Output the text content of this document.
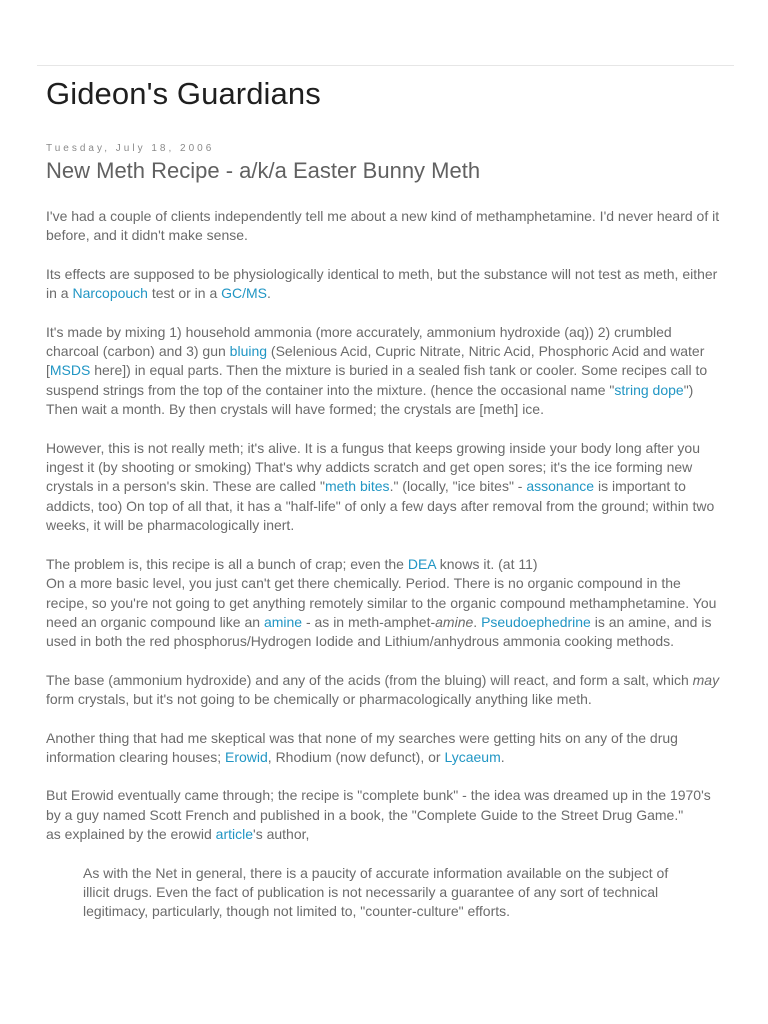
Gideon's Guardians
Tuesday, July 18, 2006
New Meth Recipe - a/k/a Easter Bunny Meth

I've had a couple of clients independently tell me about a new kind of methamphetamine. I'd never heard of it before, and it didn't make sense.

Its effects are supposed to be physiologically identical to meth, but the substance will not test as meth, either in a Narcopouch test or in a GC/MS.

It's made by mixing 1) household ammonia (more accurately, ammonium hydroxide (aq)) 2) crumbled charcoal (carbon) and 3) gun bluing (Selenious Acid, Cupric Nitrate, Nitric Acid, Phosphoric Acid and water [MSDS here]) in equal parts. Then the mixture is buried in a sealed fish tank or cooler. Some recipes call to suspend strings from the top of the container into the mixture. (hence the occasional name "string dope") Then wait a month. By then crystals will have formed; the crystals are [meth] ice.

However, this is not really meth; it's alive. It is a fungus that keeps growing inside your body long after you ingest it (by shooting or smoking) That's why addicts scratch and get open sores; it's the ice forming new crystals in a person's skin. These are called "meth bites." (locally, "ice bites" - assonance is important to addicts, too) On top of all that, it has a "half-life" of only a few days after removal from the ground; within two weeks, it will be pharmacologically inert.

The problem is, this recipe is all a bunch of crap; even the DEA knows it. (at 11)

On a more basic level, you just can't get there chemically. Period. There is no organic compound in the recipe, so you're not going to get anything remotely similar to the organic compound methamphetamine. You need an organic compound like an amine - as in meth-amphet-amine. Pseudoephedrine is an amine, and is used in both the red phosphorus/Hydrogen Iodide and Lithium/anhydrous ammonia cooking methods.

The base (ammonium hydroxide) and any of the acids (from the bluing) will react, and form a salt, which may form crystals, but it's not going to be chemically or pharmacologically anything like meth.

Another thing that had me skeptical was that none of my searches were getting hits on any of the drug information clearing houses; Erowid, Rhodium (now defunct), or Lycaeum.

But Erowid eventually came through; the recipe is "complete bunk" - the idea was dreamed up in the 1970's by a guy named Scott French and published in a book, the "Complete Guide to the Street Drug Game."

as explained by the erowid article's author,

As with the Net in general, there is a paucity of accurate information available on the subject of illicit drugs. Even the fact of publication is not necessarily a guarantee of any sort of technical legitimacy, particularly, though not limited to, "counter-culture" efforts.
